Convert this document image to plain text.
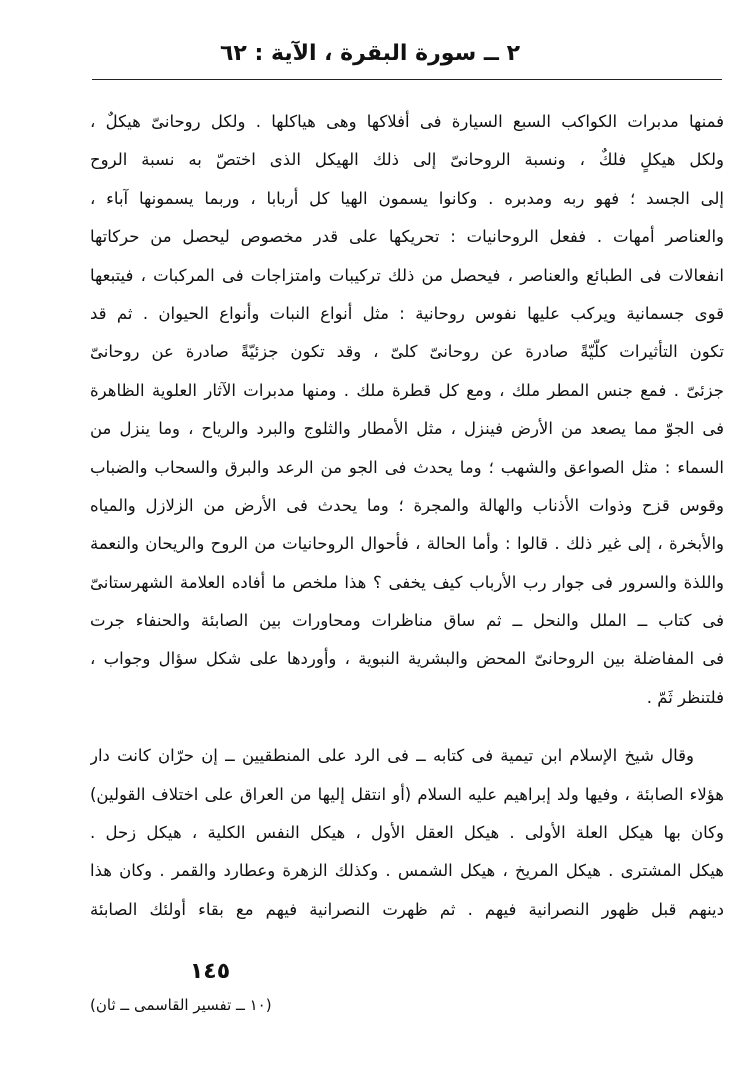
٢ ــ سورة البقرة ، الآية : ٦٢
فمنها مدبرات الكواكب السبع السيارة فى أفلاكها وهى هياكلها . ولكل روحانىّ هيكلٌ ،
ولكل هيكلٍ فلكٌ ، ونسبة الروحانىّ إلى ذلك الهيكل الذى اختصّ به نسبة الروح
إلى الجسد ؛ فهو ربه ومدبره . وكانوا يسمون الهيا كل أربابا ، وربما يسمونها آباء ،
والعناصر أمهات . ففعل الروحانيات : تحريكها على قدر مخصوص ليحصل من حركاتها
انفعالات فى الطبائع والعناصر ، فيحصل من ذلك تركيبات وامتزاجات فى المركبات ، فيتبعها
قوى جسمانية ويركب عليها نفوس روحانية : مثل أنواع النبات وأنواع الحيوان . ثم قد
تكون التأثيرات كلّيّةً صادرة عن روحانىّ كلىّ ، وقد تكون جزئيّةً صادرة عن روحانىّ
جزئىّ . فمع جنس المطر ملك ، ومع كل قطرة ملك . ومنها مدبرات الآثار العلوية الظاهرة
فى الجوّ مما يصعد من الأرض فينزل ، مثل الأمطار والثلوج والبرد والرياح ، وما ينزل من
السماء : مثل الصواعق والشهب ؛ وما يحدث فى الجو من الرعد والبرق والسحاب والضباب
وقوس قزح وذوات الأذناب والهالة والمجرة ؛ وما يحدث فى الأرض من الزلازل والمياه
والأبخرة ، إلى غير ذلك . قالوا : وأما الحالة ، فأحوال الروحانيات من الروح والريحان والنعمة
واللذة والسرور فى جوار رب الأرباب كيف يخفى ؟ هذا ملخص ما أفاده العلامة الشهرستانىّ
فى كتاب ــ الملل والنحل ــ ثم ساق مناظرات ومحاورات بين الصابئة والحنفاء جرت
فى المفاضلة بين الروحانىّ المحض والبشرية النبوية ، وأوردها على شكل سؤال وجواب ،
فلتنظر ثَمّ .
وقال شيخ الإسلام ابن تيمية فى كتابه ــ فى الرد على المنطقيين ــ إن حرّان كانت دار
هؤلاء الصابئة ، وفيها ولد إبراهيم عليه السلام (أو انتقل إليها من العراق على اختلاف القولين)
وكان بها هيكل العلة الأولى . هيكل العقل الأول ، هيكل النفس الكلية ، هيكل زحل .
هيكل المشترى . هيكل المريخ ، هيكل الشمس . وكذلك الزهرة وعطارد والقمر . وكان هذا
دينهم قبل ظهور النصرانية فيهم . ثم ظهرت النصرانية فيهم مع بقاء أولئك الصابئة
١٤٥
(١٠ ــ تفسير القاسمى ــ ثان)
